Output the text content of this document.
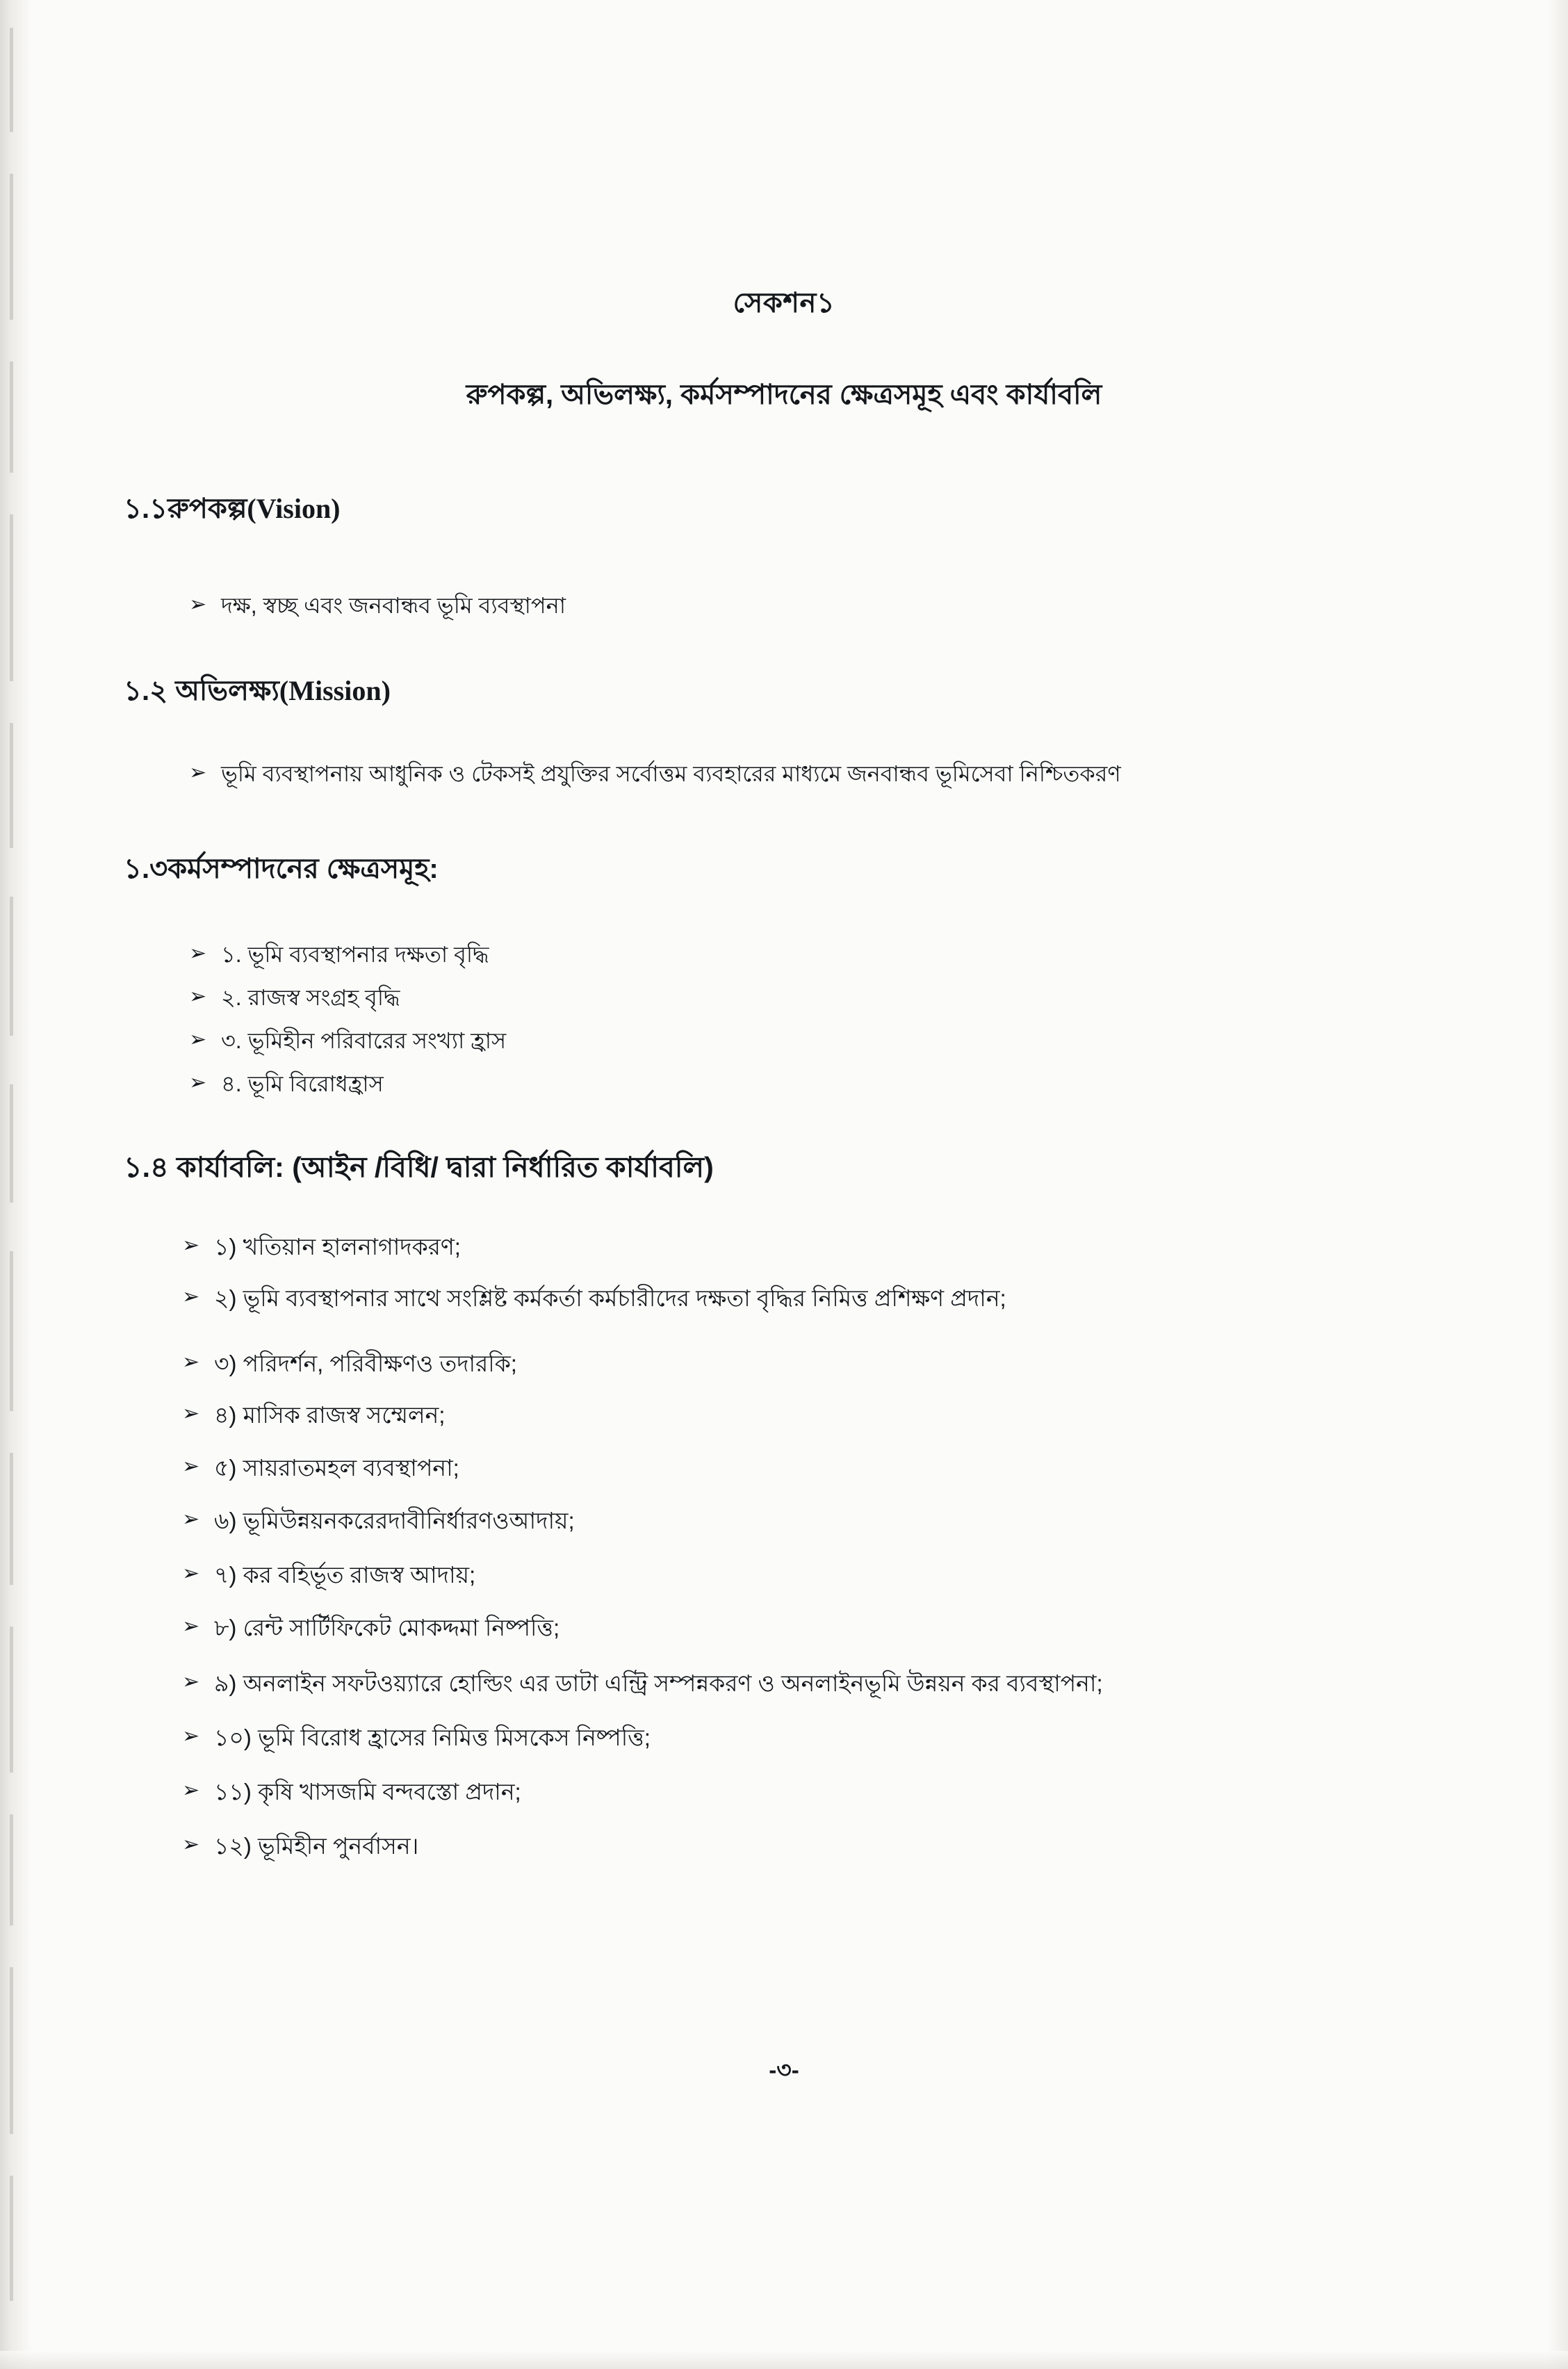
সেকশন১
রুপকল্প, অভিলক্ষ্য, কর্মসম্পাদনের ক্ষেত্রসমূহ এবং কার্যাবলি
১.১রুপকল্প(Vision)
➢ দক্ষ, স্বচ্ছ এবং জনবান্ধব ভূমি ব্যবস্থাপনা
১.২ অভিলক্ষ্য(Mission)
➢ ভূমি ব্যবস্থাপনায় আধুনিক ও টেকসই প্রযুক্তির সর্বোত্তম ব্যবহারের মাধ্যমে জনবান্ধব ভূমিসেবা নিশ্চিতকরণ
১.৩কর্মসম্পাদনের ক্ষেত্রসমূহ:
➢ ১. ভূমি ব্যবস্থাপনার দক্ষতা বৃদ্ধি
➢ ২. রাজস্ব সংগ্রহ বৃদ্ধি
➢ ৩. ভূমিহীন পরিবারের সংখ্যা হ্রাস
➢ ৪. ভূমি বিরোধহ্রাস
১.৪ কার্যাবলি: (আইন /বিধি/ দ্বারা নির্ধারিত কার্যাবলি)
➢ ১) খতিয়ান হালনাগাদকরণ;
➢ ২) ভূমি ব্যবস্থাপনার সাথে সংশ্লিষ্ট কর্মকর্তা কর্মচারীদের দক্ষতা বৃদ্ধির নিমিত্ত প্রশিক্ষণ প্রদান;
➢ ৩) পরিদর্শন, পরিবীক্ষণও তদারকি;
➢ ৪) মাসিক রাজস্ব সম্মেলন;
➢ ৫) সায়রাতমহল ব্যবস্থাপনা;
➢ ৬) ভূমিউন্নয়নকরেরদাবীনির্ধারণওআদায়;
➢ ৭) কর বহির্ভূত রাজস্ব আদায়;
➢ ৮) রেন্ট সার্টিফিকেট মোকদ্দমা নিষ্পত্তি;
➢ ৯) অনলাইন সফটওয়্যারে হোল্ডিং এর ডাটা এন্ট্রি সম্পন্নকরণ ও অনলাইনভূমি উন্নয়ন কর ব্যবস্থাপনা;
➢ ১০) ভূমি বিরোধ হ্রাসের নিমিত্ত মিসকেস নিষ্পত্তি;
➢ ১১) কৃষি খাসজমি বন্দবস্তো প্রদান;
➢ ১২) ভূমিহীন পুনর্বাসন।
-৩-
